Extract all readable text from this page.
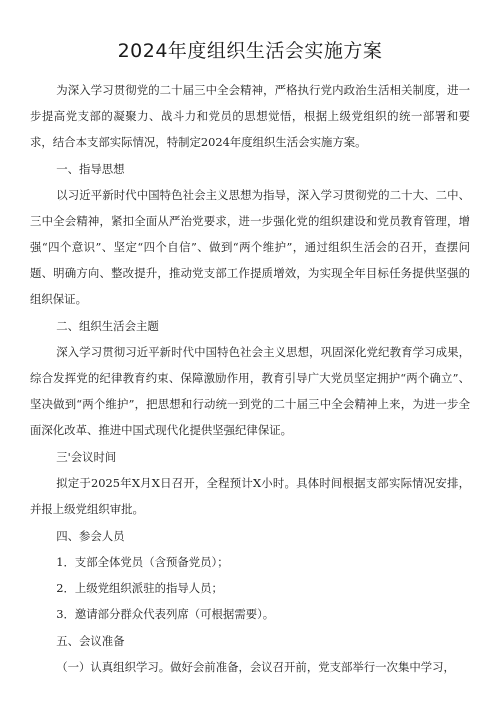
2024年度组织生活会实施方案

为深入学习贯彻党的二十届三中全会精神，严格执行党内政治生活相关制度，进一步提高党支部的凝聚力、战斗力和党员的思想觉悟，根据上级党组织的统一部署和要求，结合本支部实际情况，特制定2024年度组织生活会实施方案。

一、指导思想

以习近平新时代中国特色社会主义思想为指导，深入学习贯彻党的二十大、二中、三中全会精神，紧扣全面从严治党要求，进一步强化党的组织建设和党员教育管理，增强“四个意识”、坚定“四个自信”、做到“两个维护”，通过组织生活会的召开，查摆问题、明确方向、整改提升，推动党支部工作提质增效，为实现全年目标任务提供坚强的组织保证。

二、组织生活会主题

深入学习贯彻习近平新时代中国特色社会主义思想，巩固深化党纪教育学习成果，综合发挥党的纪律教育约束、保障激励作用，教育引导广大党员坚定拥护“两个确立”、坚决做到“两个维护”，把思想和行动统一到党的二十届三中全会精神上来，为进一步全面深化改革、推进中国式现代化提供坚强纪律保证。

三'会议时间

拟定于2025年X月X日召开，全程预计X小时。具体时间根据支部实际情况安排，并报上级党组织审批。

四、参会人员

1．支部全体党员（含预备党员）；

2．上级党组织派驻的指导人员；

3．邀请部分群众代表列席（可根据需要）。

五、会议准备

（一）认真组织学习。做好会前准备，会议召开前，党支部举行一次集中学习，
